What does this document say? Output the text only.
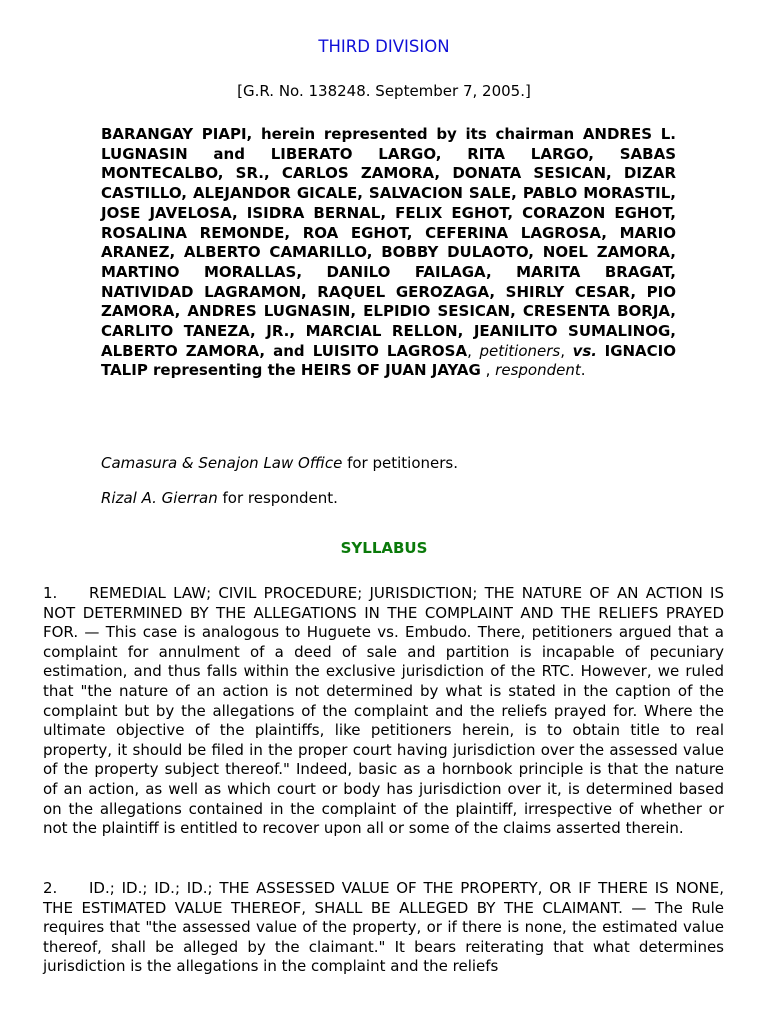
THIRD DIVISION
[G.R. No. 138248. September 7, 2005.]
BARANGAY PIAPI, herein represented by its chairman ANDRES L. LUGNASIN and LIBERATO LARGO, RITA LARGO, SABAS MONTECALBO, SR., CARLOS ZAMORA, DONATA SESICAN, DIZAR CASTILLO, ALEJANDOR GICALE, SALVACION SALE, PABLO MORASTIL, JOSE JAVELOSA, ISIDRA BERNAL, FELIX EGHOT, CORAZON EGHOT, ROSALINA REMONDE, ROA EGHOT, CEFERINA LAGROSA, MARIO ARANEZ, ALBERTO CAMARILLO, BOBBY DULAOTO, NOEL ZAMORA, MARTINO MORALLAS, DANILO FAILAGA, MARITA BRAGAT, NATIVIDAD LAGRAMON, RAQUEL GEROZAGA, SHIRLY CESAR, PIO ZAMORA, ANDRES LUGNASIN, ELPIDIO SESICAN, CRESENTA BORJA, CARLITO TANEZA, JR., MARCIAL RELLON, JEANILITO SUMALINOG, ALBERTO ZAMORA, and LUISITO LAGROSA, petitioners, vs. IGNACIO TALIP representing the HEIRS OF JUAN JAYAG , respondent.
Camasura & Senajon Law Office for petitioners.
Rizal A. Gierran for respondent.
SYLLABUS
1. REMEDIAL LAW; CIVIL PROCEDURE; JURISDICTION; THE NATURE OF AN ACTION IS NOT DETERMINED BY THE ALLEGATIONS IN THE COMPLAINT AND THE RELIEFS PRAYED FOR. — This case is analogous to Huguete vs. Embudo. There, petitioners argued that a complaint for annulment of a deed of sale and partition is incapable of pecuniary estimation, and thus falls within the exclusive jurisdiction of the RTC. However, we ruled that "the nature of an action is not determined by what is stated in the caption of the complaint but by the allegations of the complaint and the reliefs prayed for. Where the ultimate objective of the plaintiffs, like petitioners herein, is to obtain title to real property, it should be filed in the proper court having jurisdiction over the assessed value of the property subject thereof." Indeed, basic as a hornbook principle is that the nature of an action, as well as which court or body has jurisdiction over it, is determined based on the allegations contained in the complaint of the plaintiff, irrespective of whether or not the plaintiff is entitled to recover upon all or some of the claims asserted therein.
2. ID.; ID.; ID.; ID.; THE ASSESSED VALUE OF THE PROPERTY, OR IF THERE IS NONE, THE ESTIMATED VALUE THEREOF, SHALL BE ALLEGED BY THE CLAIMANT. — The Rule requires that "the assessed value of the property, or if there is none, the estimated value thereof, shall be alleged by the claimant." It bears reiterating that what determines jurisdiction is the allegations in the complaint and the reliefs
